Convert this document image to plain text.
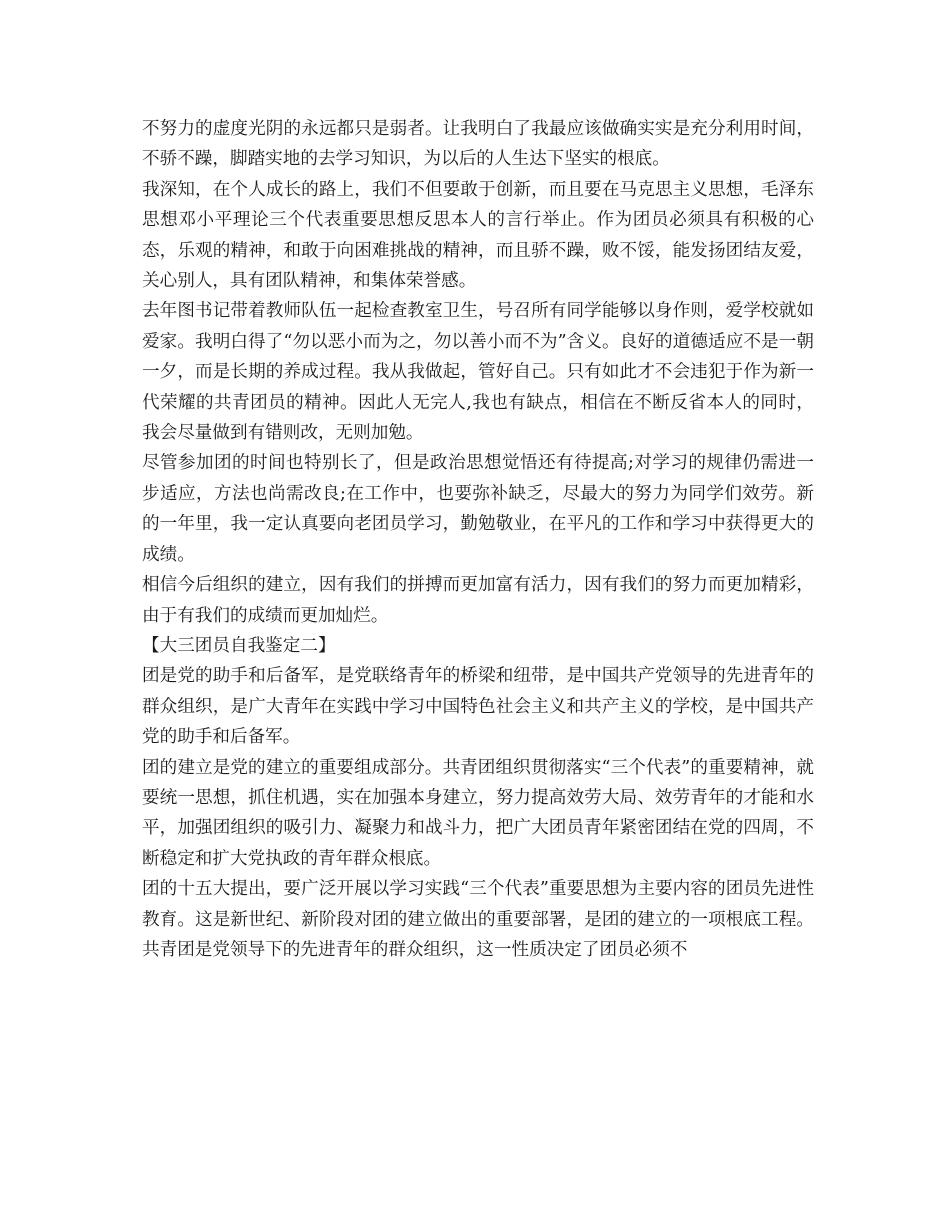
不努力的虚度光阴的永远都只是弱者。让我明白了我最应该做确实实是充分利用时间，不骄不躁，脚踏实地的去学习知识，为以后的人生达下坚实的根底。

我深知，在个人成长的路上，我们不但要敢于创新，而且要在马克思主义思想，毛泽东思想邓小平理论三个代表重要思想反思本人的言行举止。作为团员必须具有积极的心态，乐观的精神，和敢于向困难挑战的精神，而且骄不躁，败不馁，能发扬团结友爱，关心别人，具有团队精神，和集体荣誉感。

去年图书记带着教师队伍一起检查教室卫生，号召所有同学能够以身作则，爱学校就如爱家。我明白得了“勿以恶小而为之，勿以善小而不为”含义。良好的道德适应不是一朝一夕，而是长期的养成过程。我从我做起，管好自己。只有如此才不会违犯于作为新一代荣耀的共青团员的精神。因此人无完人,我也有缺点，相信在不断反省本人的同时，我会尽量做到有错则改，无则加勉。

尽管参加团的时间也特别长了，但是政治思想觉悟还有待提高;对学习的规律仍需进一步适应，方法也尚需改良;在工作中，也要弥补缺乏，尽最大的努力为同学们效劳。新的一年里，我一定认真要向老团员学习，勤勉敬业，在平凡的工作和学习中获得更大的成绩。

相信今后组织的建立，因有我们的拼搏而更加富有活力，因有我们的努力而更加精彩，由于有我们的成绩而更加灿烂。

【大三团员自我鉴定二】

团是党的助手和后备军，是党联络青年的桥梁和纽带，是中国共产党领导的先进青年的群众组织，是广大青年在实践中学习中国特色社会主义和共产主义的学校，是中国共产党的助手和后备军。

团的建立是党的建立的重要组成部分。共青团组织贯彻落实“三个代表”的重要精神，就要统一思想，抓住机遇，实在加强本身建立，努力提高效劳大局、效劳青年的才能和水平，加强团组织的吸引力、凝聚力和战斗力，把广大团员青年紧密团结在党的四周，不断稳定和扩大党执政的青年群众根底。

团的十五大提出，要广泛开展以学习实践“三个代表”重要思想为主要内容的团员先进性教育。这是新世纪、新阶段对团的建立做出的重要部署，是团的建立的一项根底工程。共青团是党领导下的先进青年的群众组织，这一性质决定了团员必须不
